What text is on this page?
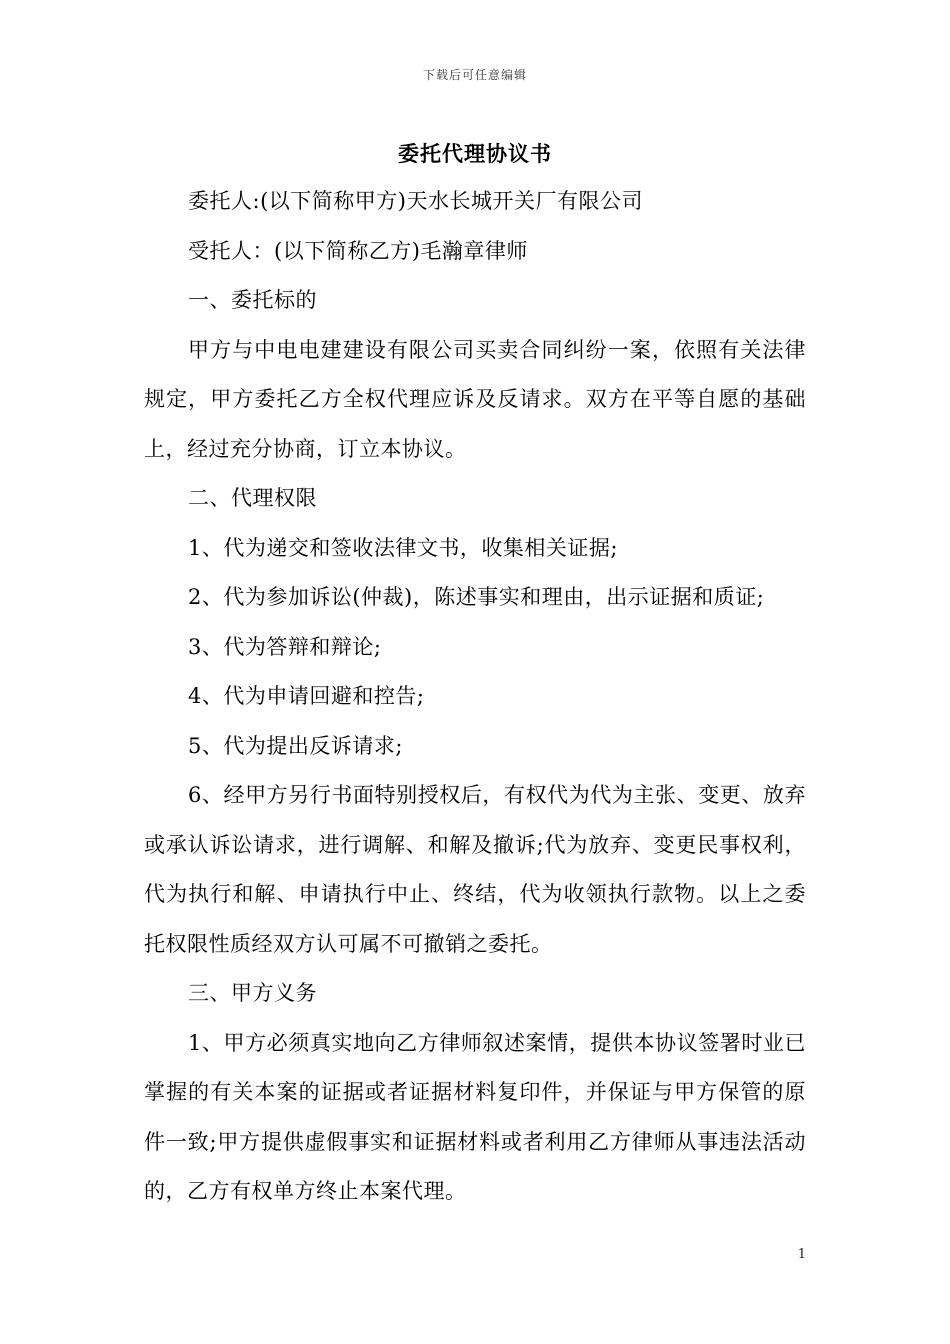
下载后可任意编辑
委托代理协议书

委托人:(以下简称甲方)天水长城开关厂有限公司

受托人：(以下简称乙方)毛瀚章律师

一、委托标的

甲方与中电电建建设有限公司买卖合同纠纷一案，依照有关法律规定，甲方委托乙方全权代理应诉及反请求。双方在平等自愿的基础上，经过充分协商，订立本协议。

二、代理权限

1、代为递交和签收法律文书，收集相关证据;

2、代为参加诉讼(仲裁)，陈述事实和理由，出示证据和质证;

3、代为答辩和辩论;

4、代为申请回避和控告;

5、代为提出反诉请求;

6、经甲方另行书面特别授权后，有权代为代为主张、变更、放弃或承认诉讼请求，进行调解、和解及撤诉;代为放弃、变更民事权利，代为执行和解、申请执行中止、终结，代为收领执行款物。以上之委托权限性质经双方认可属不可撤销之委托。

三、甲方义务

1、甲方必须真实地向乙方律师叙述案情，提供本协议签署时业已掌握的有关本案的证据或者证据材料复印件，并保证与甲方保管的原件一致;甲方提供虚假事实和证据材料或者利用乙方律师从事违法活动的，乙方有权单方终止本案代理。

1
